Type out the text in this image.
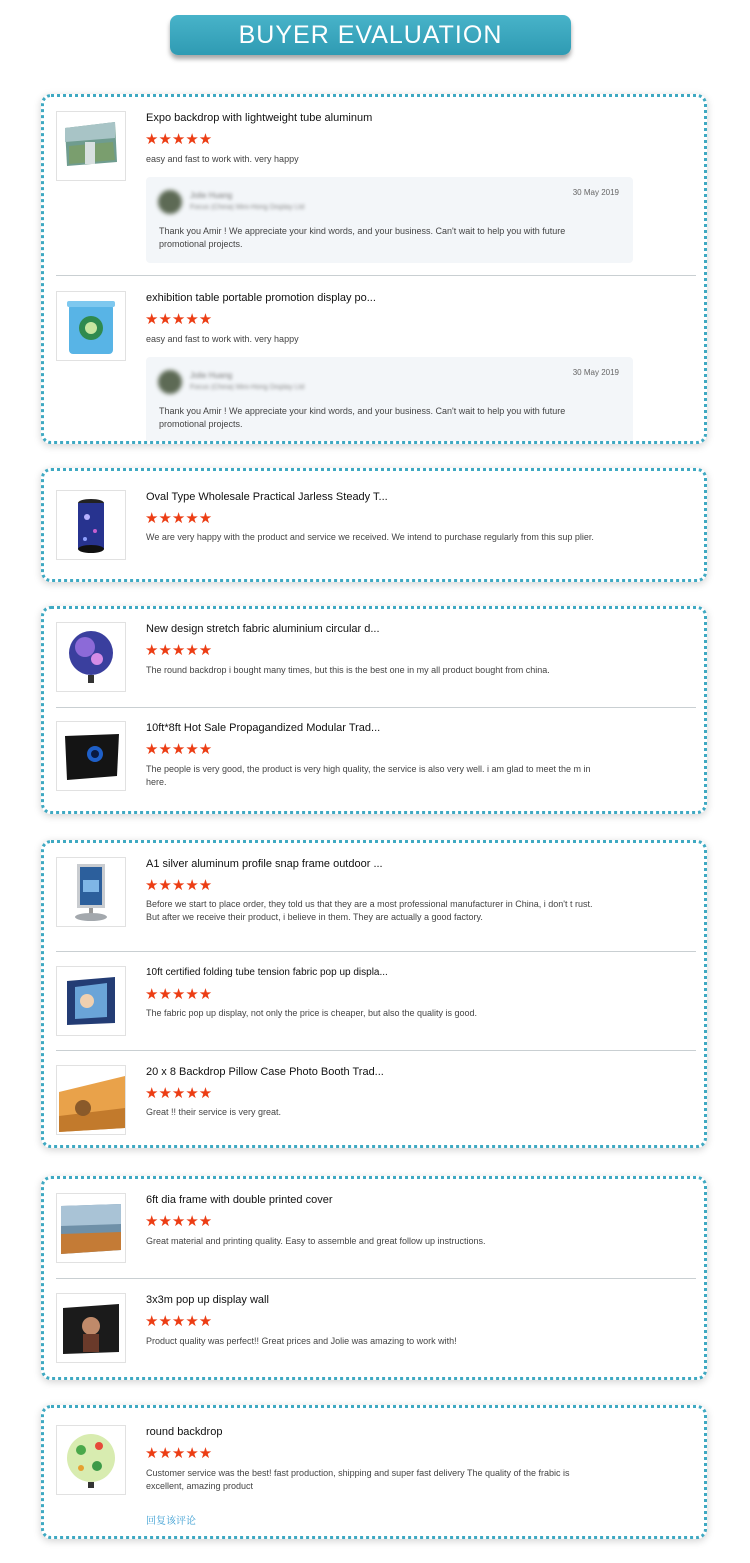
BUYER EVALUATION
Expo backdrop with lightweight tube aluminum
★★★★★
easy and fast to work with. very happy
Jolie Huang
Focus (China) Mini-Hong Display Ltd
30 May 2019
Thank you Amir ! We appreciate your kind words, and your business. Can't wait to help you with future promotional projects.
exhibition table portable promotion display po...
★★★★★
easy and fast to work with. very happy
Jolie Huang
Focus (China) Mini-Hong Display Ltd
30 May 2019
Thank you Amir ! We appreciate your kind words, and your business. Can't wait to help you with future promotional projects.
Oval Type Wholesale Practical Jarless Steady T...
★★★★★
We are very happy with the product and service we received. We intend to purchase regularly from this sup plier.
New design stretch fabric aluminium circular d...
★★★★★
The round backdrop i bought many times, but this is the best one in my all product bought from china.
10ft*8ft Hot Sale Propagandized Modular Trad...
★★★★★
The people is very good, the product is very high quality, the service is also very well. i am glad to meet the m in here.
A1 silver aluminum profile snap frame outdoor ...
★★★★★
Before we start to place order, they told us that they are a most professional manufacturer in China, i don't t rust. But after we receive their product, i believe in them. They are actually a good factory.
10ft certified folding tube tension fabric pop up displa...
★★★★★
The fabric pop up display, not only the price is cheaper, but also the quality is good.
20 x 8 Backdrop Pillow Case Photo Booth Trad...
★★★★★
Great !! their service is very great.
6ft dia frame with double printed cover
★★★★★
Great material and printing quality. Easy to assemble and great follow up instructions.
3x3m pop up display wall
★★★★★
Product quality was perfect!! Great prices and Jolie was amazing to work with!
round backdrop
★★★★★
Customer service was the best! fast production, shipping and super fast delivery The quality of the frabic is excellent, amazing product
回复该评论
